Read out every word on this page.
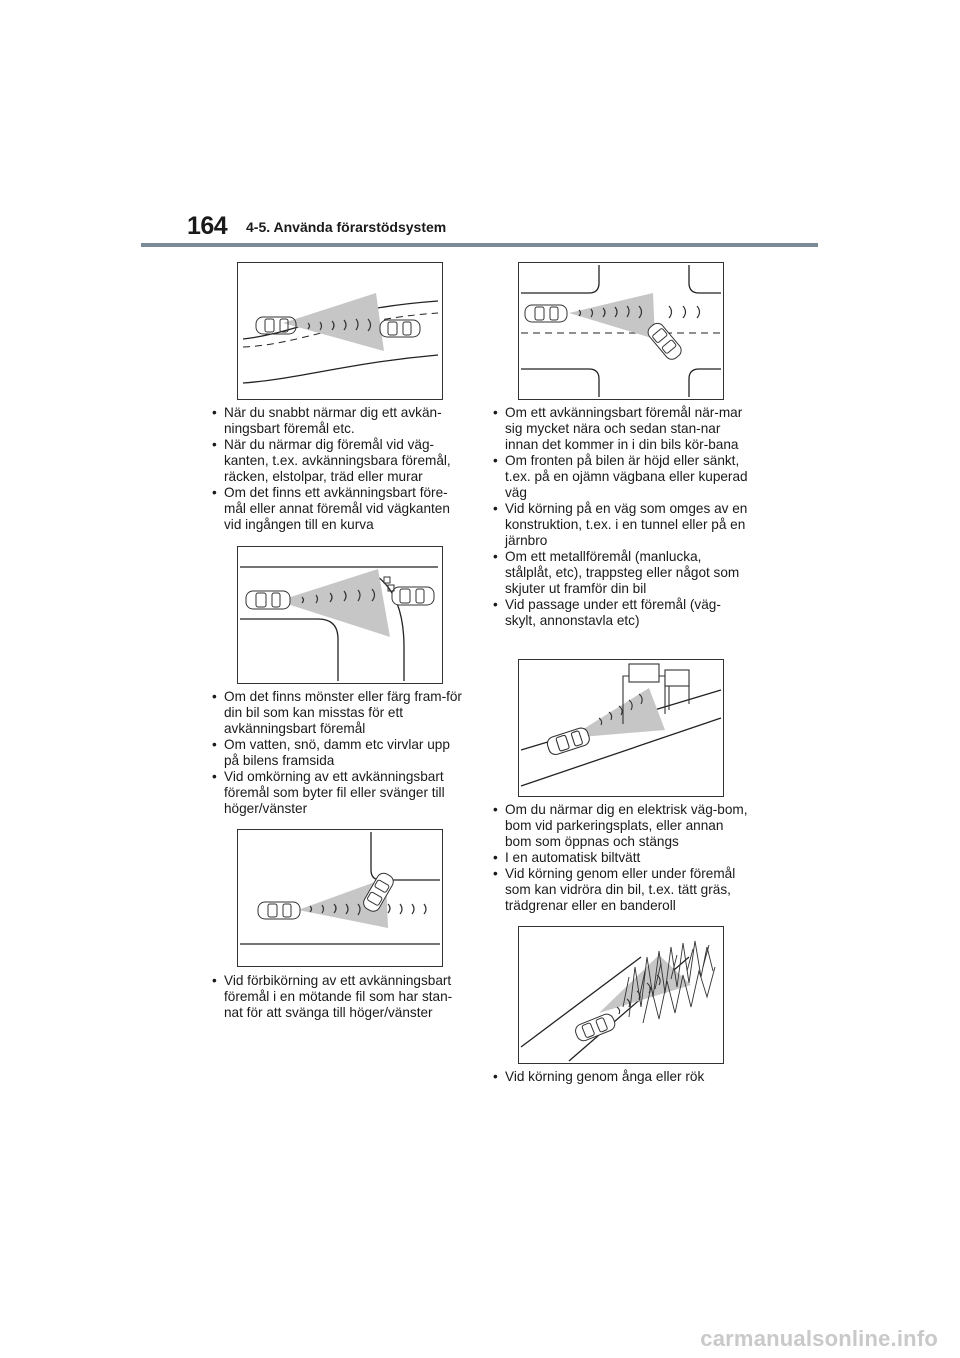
164 4-5. Använda förarstödsystem
• När du snabbt närmar dig ett avkän-ningsbart föremål etc.
• När du närmar dig föremål vid väg-kanten, t.ex. avkänningsbara föremål, räcken, elstolpar, träd eller murar
• Om det finns ett avkänningsbart före-mål eller annat föremål vid vägkanten vid ingången till en kurva
• Om det finns mönster eller färg fram-för din bil som kan misstas för ett avkänningsbart föremål
• Om vatten, snö, damm etc virvlar upp på bilens framsida
• Vid omkörning av ett avkänningsbart föremål som byter fil eller svänger till höger/vänster
• Vid förbikörning av ett avkänningsbart föremål i en mötande fil som har stan-nat för att svänga till höger/vänster
• Om ett avkänningsbart föremål när-mar sig mycket nära och sedan stan-nar innan det kommer in i din bils kör-bana
• Om fronten på bilen är höjd eller sänkt, t.ex. på en ojämn vägbana eller kuperad väg
• Vid körning på en väg som omges av en konstruktion, t.ex. i en tunnel eller på en järnbro
• Om ett metallföremål (manlucka, stålplåt, etc), trappsteg eller något som skjuter ut framför din bil
• Vid passage under ett föremål (väg-skylt, annonstavla etc)
• Om du närmar dig en elektrisk väg-bom, bom vid parkeringsplats, eller annan bom som öppnas och stängs
• I en automatisk biltvätt
• Vid körning genom eller under föremål som kan vidröra din bil, t.ex. tätt gräs, trädgrenar eller en banderoll
• Vid körning genom ånga eller rök
carmanualsonline.info
